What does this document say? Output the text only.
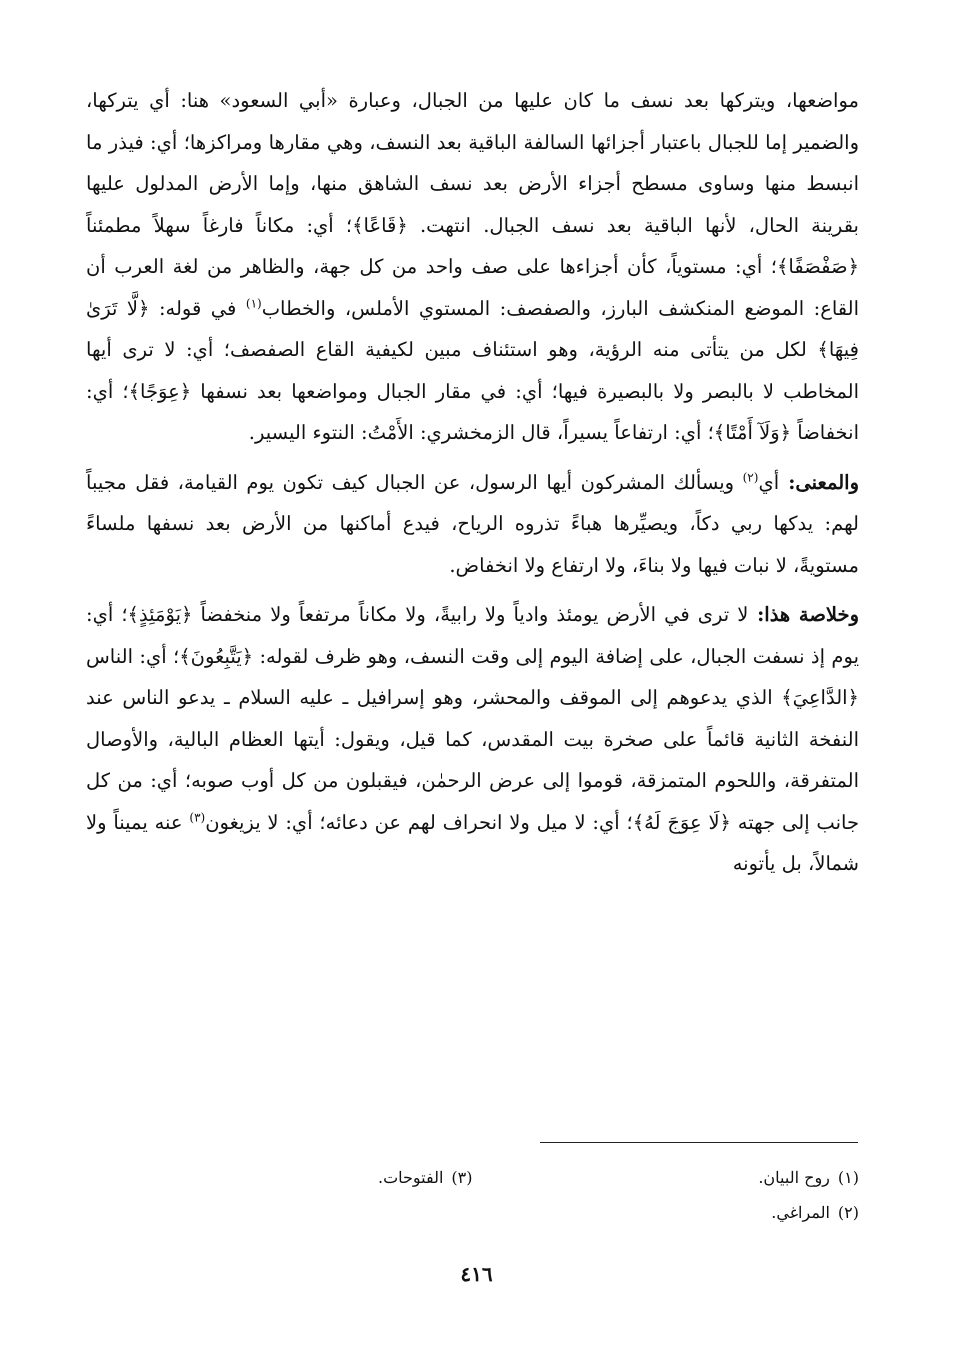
مواضعها، ويتركها بعد نسف ما كان عليها من الجبال، وعبارة «أبي السعود» هنا: أي يتركها، والضمير إما للجبال باعتبار أجزائها السالفة الباقية بعد النسف، وهي مقارها ومراكزها؛ أي: فيذر ما انبسط منها وساوى مسطح أجزاء الأرض بعد نسف الشاهق منها، وإما الأرض المدلول عليها بقرينة الحال، لأنها الباقية بعد نسف الجبال. انتهت. ﴿قَاعًا﴾؛ أي: مكاناً فارغاً سهلاً مطمئناً ﴿صَفْصَفًا﴾؛ أي: مستوياً، كأن أجزاءها على صف واحد من كل جهة، والظاهر من لغة العرب أن القاع: الموضع المنكشف البارز، والصفصف: المستوي الأملس، والخطاب$^{(١)}$ في قوله: ﴿لَّا تَرَىٰ فِيهَا﴾ لكل من يتأتى منه الرؤية، وهو استئناف مبين لكيفية القاع الصفصف؛ أي: لا ترى أيها المخاطب لا بالبصر ولا بالبصيرة فيها؛ أي: في مقار الجبال ومواضعها بعد نسفها ﴿عِوَجًا﴾؛ أي: انخفاضاً ﴿وَلَآ أَمْتًا﴾؛ أي: ارتفاعاً يسيراً، قال الزمخشري: الأَمْتُ: النتوء اليسير.

والمعنى: أي$^{(٢)}$ ويسألك المشركون أيها الرسول، عن الجبال كيف تكون يوم القيامة، فقل مجيباً لهم: يدكها ربي دكاً، ويصيِّرها هباءً تذروه الرياح، فيدع أماكنها من الأرض بعد نسفها ملساءً مستويةً، لا نبات فيها ولا بناءَ، ولا ارتفاع ولا انخفاض.

وخلاصة هذا: لا ترى في الأرض يومئذ وادياً ولا رابيةً، ولا مكاناً مرتفعاً ولا منخفضاً ﴿يَوْمَئِذٍ﴾؛ أي: يوم إذ نسفت الجبال، على إضافة اليوم إلى وقت النسف، وهو ظرف لقوله: ﴿يَتَّبِعُونَ﴾؛ أي: الناس ﴿الدَّاعِيَ﴾ الذي يدعوهم إلى الموقف والمحشر، وهو إسرافيل ـ عليه السلام ـ يدعو الناس عند النفخة الثانية قائماً على صخرة بيت المقدس، كما قيل، ويقول: أيتها العظام البالية، والأوصال المتفرقة، واللحوم المتمزقة، قوموا إلى عرض الرحمٰن، فيقبلون من كل أوب صوبه؛ أي: من كل جانب إلى جهته ﴿لَا عِوَجَ لَهُ﴾؛ أي: لا ميل ولا انحراف لهم عن دعائه؛ أي: لا يزيغون$^{(٣)}$ عنه يميناً ولا شمالاً، بل يأتونه

(١)روح البيان.
(٣)الفتوحات.
(٢)المراغي.
٤١٦
